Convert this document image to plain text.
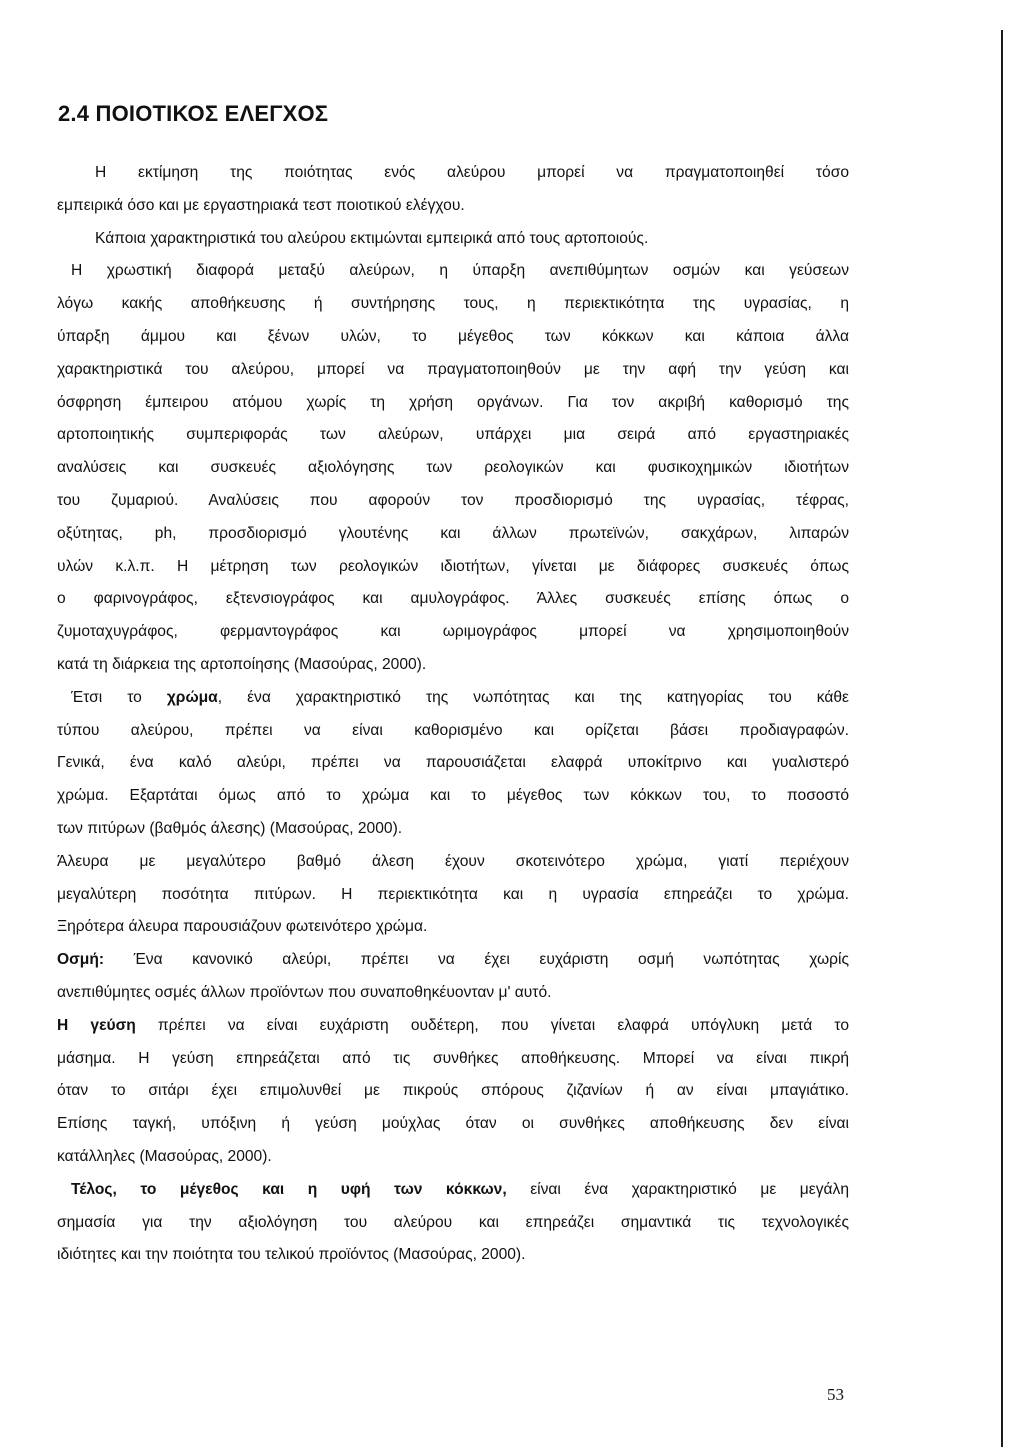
2.4 ΠΟΙΟΤΙΚΟΣ ΕΛΕΓΧΟΣ
Η εκτίμηση της ποιότητας ενός αλεύρου μπορεί να πραγματοποιηθεί τόσο
εμπειρικά όσο και με εργαστηριακά τεστ ποιοτικού ελέγχου.
Κάποια χαρακτηριστικά του αλεύρου εκτιμώνται εμπειρικά από τους αρτοποιούς.
Η χρωστική διαφορά μεταξύ αλεύρων, η ύπαρξη ανεπιθύμητων οσμών και γεύσεων
λόγω κακής αποθήκευσης ή συντήρησης τους, η περιεκτικότητα της υγρασίας, η
ύπαρξη άμμου και ξένων υλών, το μέγεθος των κόκκων και κάποια άλλα
χαρακτηριστικά του αλεύρου, μπορεί να πραγματοποιηθούν με την αφή την γεύση και
όσφρηση έμπειρου ατόμου χωρίς τη χρήση οργάνων. Για τον ακριβή καθορισμό της
αρτοποιητικής συμπεριφοράς των αλεύρων, υπάρχει μια σειρά από εργαστηριακές
αναλύσεις και συσκευές αξιολόγησης των ρεολογικών και φυσικοχημικών ιδιοτήτων
του ζυμαριού. Αναλύσεις που αφορούν τον προσδιορισμό της υγρασίας, τέφρας,
οξύτητας, ph, προσδιορισμό γλουτένης και άλλων πρωτεϊνών, σακχάρων, λιπαρών
υλών κ.λ.π. Η μέτρηση των ρεολογικών ιδιοτήτων, γίνεται με διάφορες συσκευές όπως
ο φαρινογράφος, εξτενσιογράφος και αμυλογράφος. Άλλες συσκευές επίσης όπως ο
ζυμοταχυγράφος, φερμαντογράφος και ωριμογράφος μπορεί να χρησιμοποιηθούν
κατά τη διάρκεια της αρτοποίησης (Μασούρας, 2000).
Έτσι το χρώμα, ένα χαρακτηριστικό της νωπότητας και της κατηγορίας του κάθε
τύπου αλεύρου, πρέπει να είναι καθορισμένο και ορίζεται βάσει προδιαγραφών.
Γενικά, ένα καλό αλεύρι, πρέπει να παρουσιάζεται ελαφρά υποκίτρινο και γυαλιστερό
χρώμα. Εξαρτάται όμως από το χρώμα και το μέγεθος των κόκκων του, το ποσοστό
των πιτύρων (βαθμός άλεσης) (Μασούρας, 2000).
Άλευρα με μεγαλύτερο βαθμό άλεση έχουν σκοτεινότερο χρώμα, γιατί περιέχουν
μεγαλύτερη ποσότητα πιτύρων. Η περιεκτικότητα και η υγρασία επηρεάζει το χρώμα.
Ξηρότερα άλευρα παρουσιάζουν φωτεινότερο χρώμα.
Οσμή: Ένα κανονικό αλεύρι, πρέπει να έχει ευχάριστη οσμή νωπότητας χωρίς
ανεπιθύμητες οσμές άλλων προϊόντων που συναποθηκέυονταν μ' αυτό.
Η γεύση πρέπει να είναι ευχάριστη ουδέτερη, που γίνεται ελαφρά υπόγλυκη μετά το
μάσημα. Η γεύση επηρεάζεται από τις συνθήκες αποθήκευσης. Μπορεί να είναι πικρή
όταν το σιτάρι έχει επιμολυνθεί με πικρούς σπόρους ζιζανίων ή αν είναι μπαγιάτικο.
Επίσης ταγκή, υπόξινη ή γεύση μούχλας όταν οι συνθήκες αποθήκευσης δεν είναι
κατάλληλες (Μασούρας, 2000).
Τέλος, το μέγεθος και η υφή των κόκκων, είναι ένα χαρακτηριστικό με μεγάλη
σημασία για την αξιολόγηση του αλεύρου και επηρεάζει σημαντικά τις τεχνολογικές
ιδιότητες και την ποιότητα του τελικού προϊόντος (Μασούρας, 2000).

53
